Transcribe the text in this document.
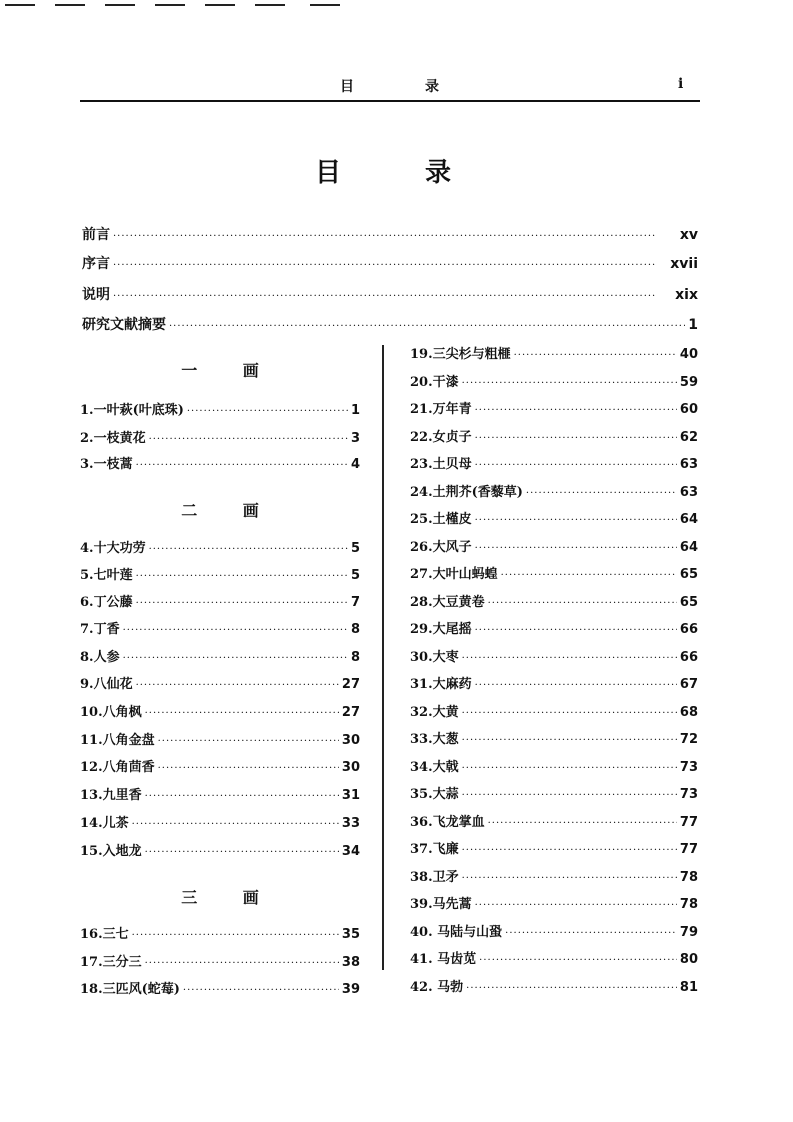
目	录	i
目	录
前言 ·····	xv
序言 ·····	xvii
说明 ·····	xix
研究文献摘要 ·····	1
一 画
二 画
三 画
1.一叶萩(叶底珠) ·····	1
2.一枝黄花 ·····	3
3.一枝蒿 ·····	4
4.十大功劳 ·····	5
5.七叶莲 ·····	5
6.丁公藤 ·····	7
7.丁香 ·····	8
8.人参 ·····	8
9.八仙花 ·····	27
10.八角枫 ·····	27
11.八角金盘 ·····	30
12.八角茴香 ·····	30
13.九里香 ·····	31
14.儿茶 ·····	33
15.入地龙 ·····	34
16.三七 ·····	35
17.三分三 ·····	38
18.三匹风(蛇莓) ·····	39
19.三尖杉与粗榧 ·····	40
20.干漆 ·····	59
21.万年青 ·····	60
22.女贞子 ·····	62
23.土贝母 ·····	63
24.土荆芥(香藜草) ·····	63
25.土槿皮 ·····	64
26.大风子 ·····	64
27.大叶山蚂蝗 ·····	65
28.大豆黄卷 ·····	65
29.大尾摇 ·····	66
30.大枣 ·····	66
31.大麻药 ·····	67
32.大黄 ·····	68
33.大葱 ·····	72
34.大戟 ·····	73
35.大蒜 ·····	73
36.飞龙掌血 ·····	77
37.飞廉 ·····	77
38.卫矛 ·····	78
39.马先蒿 ·····	78
40. 马陆与山蛩 ·····	79
41. 马齿苋 ·····	80
42. 马勃 ·····	81
